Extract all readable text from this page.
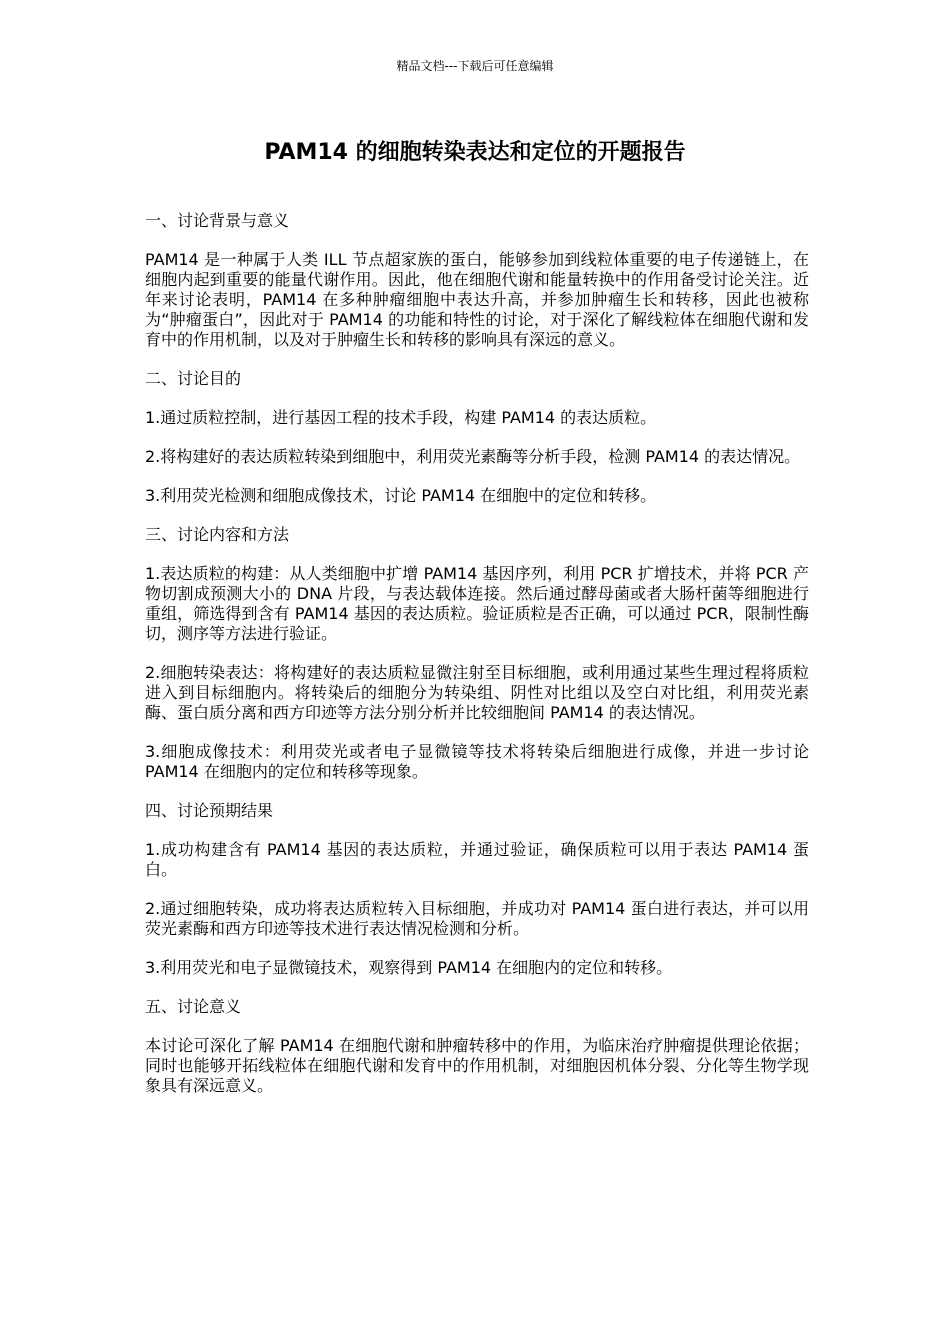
精品文档---下载后可任意编辑
PAM14 的细胞转染表达和定位的开题报告
一、讨论背景与意义

PAM14 是一种属于人类 ILL 节点超家族的蛋白，能够参加到线粒体重要的电子传递链上，在细胞内起到重要的能量代谢作用。因此，他在细胞代谢和能量转换中的作用备受讨论关注。近年来讨论表明，PAM14 在多种肿瘤细胞中表达升高，并参加肿瘤生长和转移，因此也被称为“肿瘤蛋白”，因此对于 PAM14 的功能和特性的讨论，对于深化了解线粒体在细胞代谢和发育中的作用机制，以及对于肿瘤生长和转移的影响具有深远的意义。

二、讨论目的

1.通过质粒控制，进行基因工程的技术手段，构建 PAM14 的表达质粒。

2.将构建好的表达质粒转染到细胞中，利用荧光素酶等分析手段，检测 PAM14 的表达情况。

3.利用荧光检测和细胞成像技术，讨论 PAM14 在细胞中的定位和转移。

三、讨论内容和方法

1.表达质粒的构建：从人类细胞中扩增 PAM14 基因序列，利用 PCR 扩增技术，并将 PCR 产物切割成预测大小的 DNA 片段，与表达载体连接。然后通过酵母菌或者大肠杆菌等细胞进行重组，筛选得到含有 PAM14 基因的表达质粒。验证质粒是否正确，可以通过 PCR，限制性酶切，测序等方法进行验证。

2.细胞转染表达：将构建好的表达质粒显微注射至目标细胞，或利用通过某些生理过程将质粒进入到目标细胞内。将转染后的细胞分为转染组、阴性对比组以及空白对比组，利用荧光素酶、蛋白质分离和西方印迹等方法分别分析并比较细胞间 PAM14 的表达情况。

3.细胞成像技术：利用荧光或者电子显微镜等技术将转染后细胞进行成像，并进一步讨论 PAM14 在细胞内的定位和转移等现象。

四、讨论预期结果

1.成功构建含有 PAM14 基因的表达质粒，并通过验证，确保质粒可以用于表达 PAM14 蛋白。

2.通过细胞转染，成功将表达质粒转入目标细胞，并成功对 PAM14 蛋白进行表达，并可以用荧光素酶和西方印迹等技术进行表达情况检测和分析。

3.利用荧光和电子显微镜技术，观察得到 PAM14 在细胞内的定位和转移。

五、讨论意义

本讨论可深化了解 PAM14 在细胞代谢和肿瘤转移中的作用，为临床治疗肿瘤提供理论依据；同时也能够开拓线粒体在细胞代谢和发育中的作用机制，对细胞因机体分裂、分化等生物学现象具有深远意义。
